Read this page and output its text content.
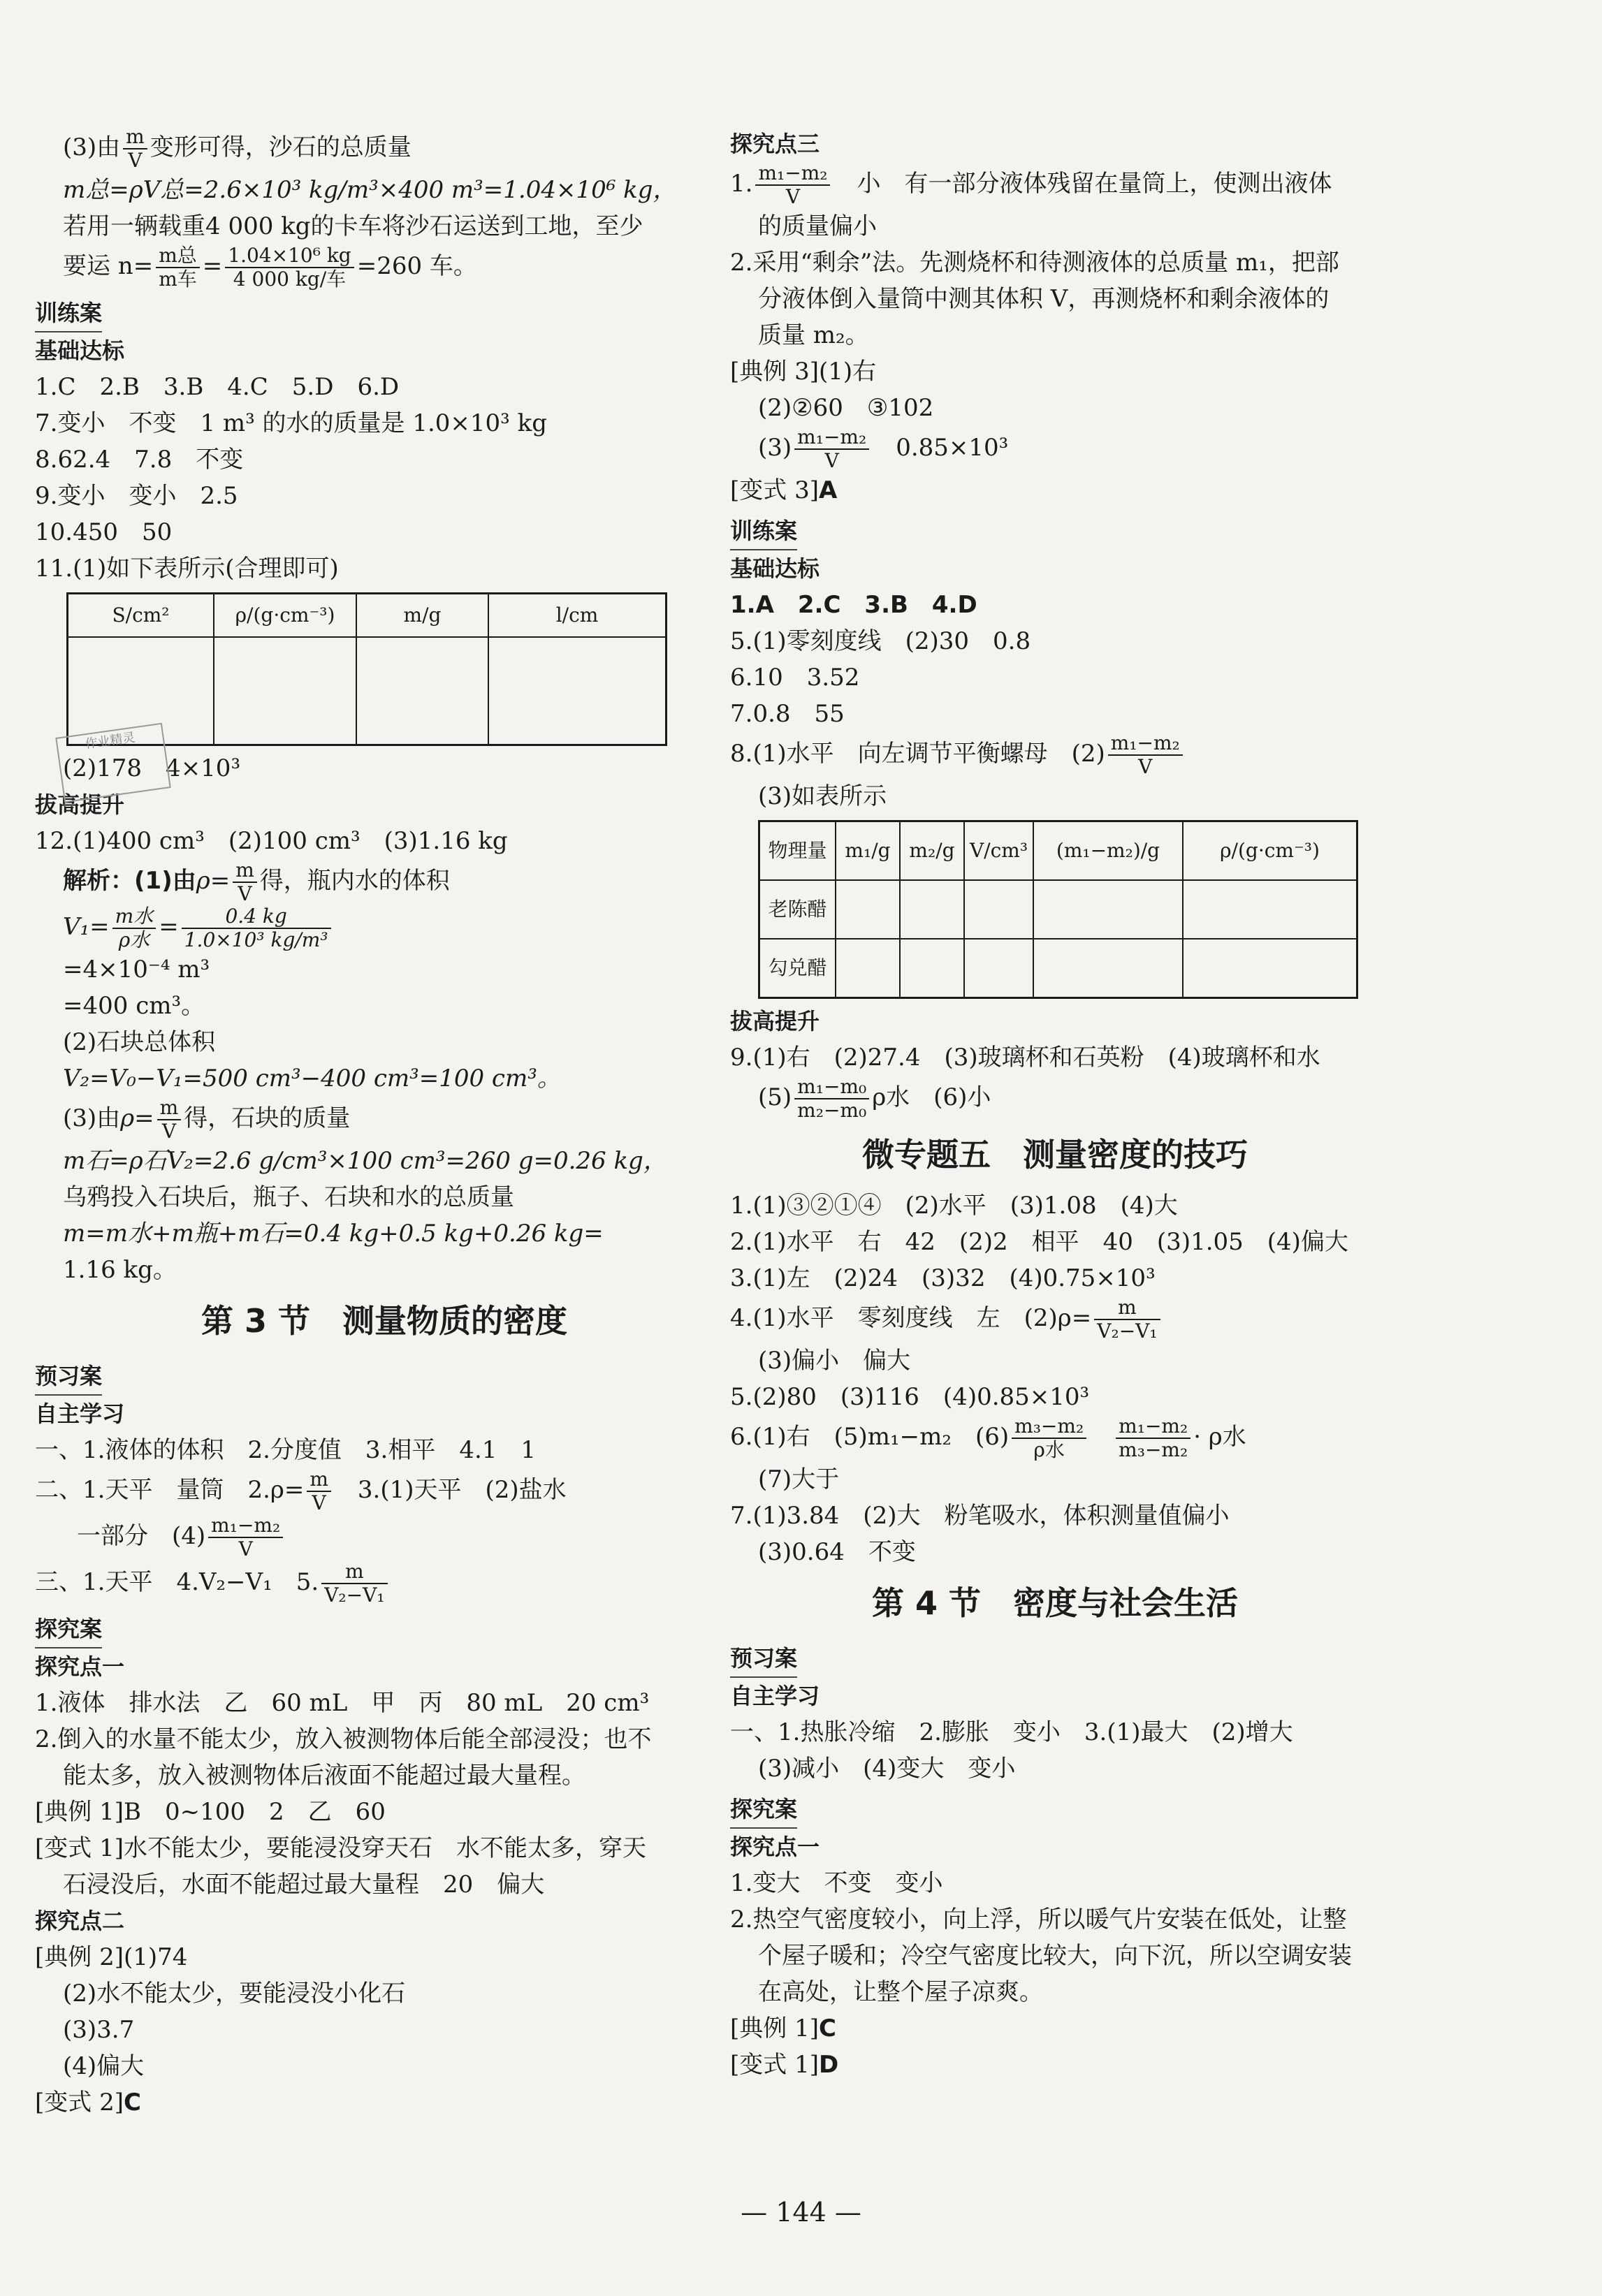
(3)由 $\frac{m}{V}$ 变形可得，沙石的总质量
m总=ρV总=2.6×10³ kg/m³×400 m³=1.04×10⁶ kg，
若用一辆载重4 000 kg的卡车将沙石运送到工地，至少
要运 $n= \frac{\text{m总}}{\text{m车}} = \frac{\text{1.04×10⁶ kg}}{\text{4 000 kg/车}} =260$ 车。
训练案
基础达标
1.C　2.B　3.B　4.C　5.D　6.D
7.变小　不变　1 m³ 的水的质量是 1.0×10³ kg
8.62.4　7.8　不变
9.变小　变小　2.5
10.450　50
11.(1)如下表所示(合理即可)
S/cm²	ρ/(g·cm⁻³)	m/g	l/cm

(2)178　4×10³
拔高提升
12.(1)400 cm³　(2)100 cm³　(3)1.16 kg
解析：(1)由$\rho= \frac{m}{V}$ 得，瓶内水的体积
$V_1= \frac{\text{m水}}{\text{ρ水}} = \frac{0.4 kg}{\text{1.0×10³ kg/m³}}$
=4×10⁻⁴ m³
=400 cm³。
(2)石块总体积
V₂=V₀−V₁=500 cm³−400 cm³=100 cm³。
(3)由$\rho= \frac{m}{V}$ 得，石块的质量
m石=ρ石V₂=2.6 g/cm³×100 cm³=260 g=0.26 kg，
乌鸦投入石块后，瓶子、石块和水的总质量
m=m水+m瓶+m石=0.4 kg+0.5 kg+0.26 kg=
1.16 kg。
第 3 节　测量物质的密度
预习案
自主学习
一、1.液体的体积　2.分度值　3.相平　4.1　1
二、1.天平　量筒　$2.\rho= \frac{m}{V}$
　 3.(1)天平　(2)盐水
一部分　$(4) \frac{\text{m₁−m₂}}{V}$
三、1.天平　4.V₂−V₁　5. $\frac{m}{\text{V₂−V₁}}$
探究案
探究点一
1.液体　排水法　乙　60 mL　甲　丙　80 mL　20 cm³
2.倒入的水量不能太少，放入被测物体后能全部浸没；也不
能太多，放入被测物体后液面不能超过最大量程。
[典例 1]B　0~100　2　乙　60
[变式 1]水不能太少，要能浸没穿天石　水不能太多，穿天
石浸没后，水面不能超过最大量程　20　偏大
探究点二
[典例 2](1)74
(2)水不能太少，要能浸没小化石
(3)3.7
(4)偏大
[变式 2]C
探究点三
1. $\frac{\text{m₁−m₂}}{V}$
　 小　有一部分液体残留在量筒上，使测出液体
的质量偏小
2.采用“剩余”法。先测烧杯和待测液体的总质量 m₁，把部
分液体倒入量筒中测其体积 V，再测烧杯和剩余液体的
质量 m₂。
[典例 3](1)右
(2)②60　③102
$(3) \frac{\text{m₁−m₂}}{V}$
　 0.85×10³
[变式 3]A
训练案
基础达标
1.A　2.C　3.B　4.D
5.(1)零刻度线　(2)30　0.8
6.10　3.52
7.0.8　55
8.(1)水平　向左调节平衡螺母　$(2) \frac{\text{m₁−m₂}}{V}$
(3)如表所示
物理量	m₁/g	m₂/g	V/cm³	(m₁−m₂)/g	ρ/(g·cm⁻³)
老陈醋					
勾兑醋					
拔高提升
9.(1)右　(2)27.4　(3)玻璃杯和石英粉　(4)玻璃杯和水
$(5) \frac{\text{m₁−m₀}}{\text{m₂−m₀}}$ ρ水　(6)小
微专题五　测量密度的技巧
1.(1)③②①④　(2)水平　(3)1.08　(4)大
2.(1)水平　右　42　(2)2　相平　40　(3)1.05　(4)偏大
3.(1)左　(2)24　(3)32　(4)0.75×10³
4.(1)水平　零刻度线　左　$(2)\rho= \frac{m}{\text{V₂−V₁}}$
(3)偏小　偏大
5.(2)80　(3)116　(4)0.85×10³
6.(1)右　(5)m₁−m₂　$(6) \frac{\text{m₃−m₂}}{\text{ρ水}}$
　 $\frac{\text{m₁−m₂}}{\text{m₃−m₂}} \cdot \rho$水
(7)大于
7.(1)3.84　(2)大　粉笔吸水，体积测量值偏小
(3)0.64　不变
第 4 节　密度与社会生活
预习案
自主学习
一、1.热胀冷缩　2.膨胀　变小　3.(1)最大　(2)增大
(3)减小　(4)变大　变小
探究案
探究点一
1.变大　不变　变小
2.热空气密度较小，向上浮，所以暖气片安装在低处，让整
个屋子暖和；冷空气密度比较大，向下沉，所以空调安装
在高处，让整个屋子凉爽。
[典例 1]C
[变式 1]D
作业精灵
— 144 —
